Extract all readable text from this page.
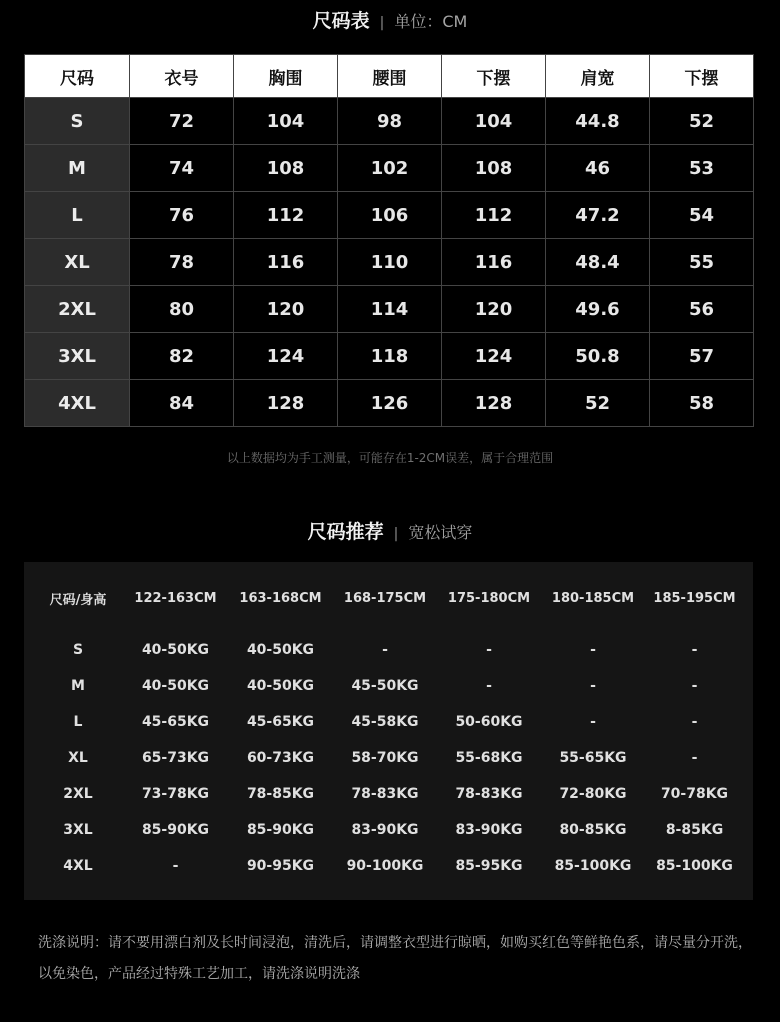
尺码表 | 单位：CM
尺码	衣号	胸围	腰围	下摆	肩宽	下摆
S	72	104	98	104	44.8	52
M	74	108	102	108	46	53
L	76	112	106	112	47.2	54
XL	78	116	110	116	48.4	55
2XL	80	120	114	120	49.6	56
3XL	82	124	118	124	50.8	57
4XL	84	128	126	128	52	58
以上数据均为手工测量，可能存在1-2CM误差，属于合理范围
尺码推荐 | 宽松试穿
尺码/身高	122-163CM	163-168CM	168-175CM	175-180CM	180-185CM	185-195CM

S	40-50KG	40-50KG	-	-	-	-
M	40-50KG	40-50KG	45-50KG	-	-	-
L	45-65KG	45-65KG	45-58KG	50-60KG	-	-
XL	65-73KG	60-73KG	58-70KG	55-68KG	55-65KG	-
2XL	73-78KG	78-85KG	78-83KG	78-83KG	72-80KG	70-78KG
3XL	85-90KG	85-90KG	83-90KG	83-90KG	80-85KG	8-85KG
4XL	-	90-95KG	90-100KG	85-95KG	85-100KG	85-100KG
洗涤说明：请不要用漂白剂及长时间浸泡，清洗后，请调整衣型进行晾晒，如购买红色等鲜艳色系，请尽量分开洗，以免染色，产品经过特殊工艺加工，请洗涤说明洗涤
